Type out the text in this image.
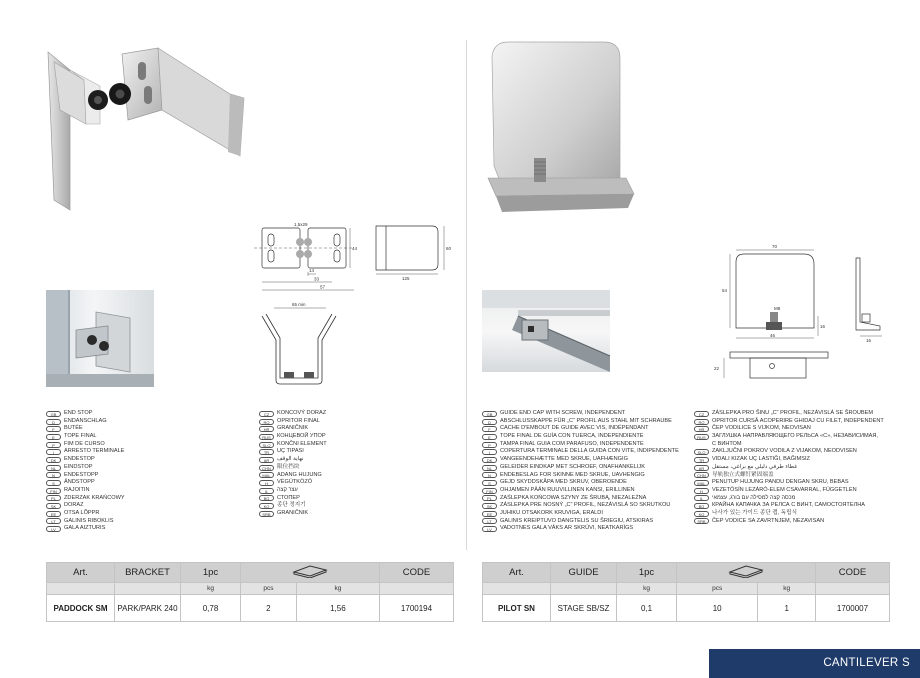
1,5x29
44
14
33
57
125
60
65 min
GB	END STOP
D	ENDANSCHLAG
F	BUTÉE
E	TOPE FINAL
P	FIM DE CURSO
I	ARRESTO TERMINALE
DK	ENDESTOP
NL	EINDSTOP
N	ENDESTOPP
S	ÄNDSTOPP
FIN	RAJOITIN
PL	ZDERZAK KRAŃCOWY
SK	DORAZ
EE	OTSA LÕPPR
LT	GALINIS RIBOKLIS
LV	GALA AIZTURIS
CZ	KONCOVÝ DORAZ
RO	OPRITOR FINAL
HR	GRANIČNIK
RUS	КОНЦЕВОЙ УПОР
SLO	KONČNI ELEMENT
TR	UÇ TIPASI
AR	نهاية الوقف
CHN	限位挡块
MAL	ADANG HUJUNG
H	VÉGÜTKÖZŐ
IL	עצר קצה
BG	СТОПЕР
KO	종단 정지기
SRB	GRANIČNIK
Art.	BRACKET	1pc			CODE
		kg	pcs	kg	
PADDOCK SM	PARK/PARK 240	0,78	2	1,56	1700194
70
54
M8
46
16
22
16
GB	GUIDE END CAP WITH SCREW, INDEPENDENT
D	ABSCHLUSSKAPPE FÜR „C“ PROFIL AUS STAHL MIT SCHRAUBE
F	CACHE D'EMBOUT DE GUIDE AVEC VIS, INDÉPENDANT
E	TOPE FINAL DE GUÍA CON TUERCA, INDEPENDIENTE
P	TAMPA FINAL GUIA COM PARAFUSO, INDEPENDENTE
I	COPERTURA TERMINALE DELLA GUIDA CON VITE, INDIPENDENTE
DK	VANGEENDEHÆTTE MED SKRUE, UAFHÆNGIG
NL	GELEIDER EINDKAP MET SCHROEF, ONAFHANKELIJK
N	ENDEBESLAG FOR SKINNE MED SKRUE, UAVHENGIG
S	GEJD SKYDDSKÅPA MED SKRUV, OBEROENDE
FIN	OHJAIMEN PÄÄN RUUVILLINEN KANSI, ERILLINEN
PL	ZAŚLEPKA KOŃCOWA SZYNY ZE ŚRUBĄ, NIEZALEŻNA
SK	ZÁSLEPKA PRE NOSNÝ „C“ PROFIL, NEZÁVISLÁ SO SKRUTKOU
EE	JUHIKU OTSAKORK KRUVIGA, ERALDI
LT	GALINIS KREIPTUVO DANGTELIS SU ŠRIEGIU, ATSKIRAS
LV	VADOTNES GALA VĀKS AR SKRŪVI, NEATKARĪGS
CZ	ZÁSLEPKA PRO ŠINU „C“ PROFIL, NEZÁVISLÁ SE ŠROUBEM
RO	OPRITOR CURSĂ ACOPERIRE GHIDAJ CU FILET, INDEPENDENT
HR	ČEP VODILICE S VIJKOM, NEOVISAN
RUS	ЗАГЛУШКА НАПРАВЛЯЮЩЕГО РЕЛЬСА «С», НЕЗАВИСИМАЯ,
С ВИНТОМ
SLO	ZAKLJUČNI POKROV VODILA Z VIJAKOM, NEODVISEN
TR	VIDALI KIZAK UÇ LASTIĞI, BAĞIMSIZ
AR	غطاء طرفي دليلي مع براغي، مستقل
CHN	导轨独立式螺钉紧固端盖
MAL	PENUTUP HUJUNG PANDU DENGAN SKRU, BEBAS
H	VEZETŐSÍN LEZÁRÓ-ELEM CSAVARRAL, FÜGGETLEN
IL	מכסה קצה למסילה עם בורג, עצמאי
BG	КРАЙНА КАПАЧКА ЗА РЕЛСА С ВИНТ, САМОСТОЯТЕЛНА
KO	나사가 있는 가이드 종단 캡, 독립식
SRB	ČEP VODICE SA ZAVRTNJEM, NEZAVISAN
Art.	GUIDE	1pc			CODE
		kg	pcs	kg	
PILOT SN	STAGE SB/SZ	0,1	10	1	1700007
CANTILEVER S
